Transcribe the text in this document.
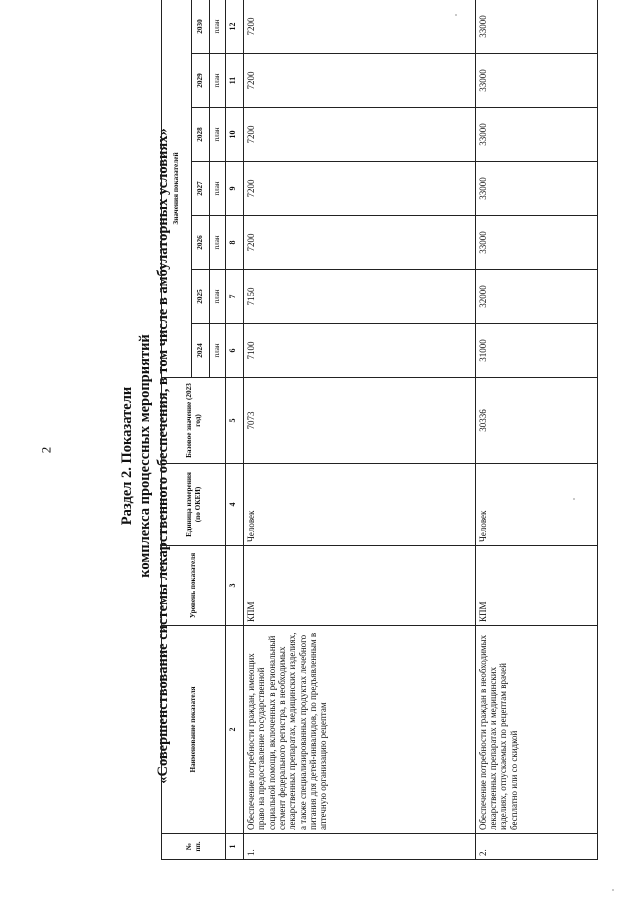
2	Раздел 2. Показатели комплекса процессных мероприятий «Совершенствование системы лекарственного обеспечения, в том числе в амбулаторных условиях»
№ пп.	Наименование показателя	Уровень показателя	Единица измерения (по ОКЕИ)	Базовое значение (2023 год)	Значения показателей	
					2024	2025	2026	2027	2028	2029	2030	
					план	план	план	план	план	план	план	
1	2	3	4	5	6	7	8	9	10	11	12	
1.	Обеспечение потребности граждан, имеющих право на предоставление государственной социальной помощи, включенных в региональный сегмент федерального регистра, в необходимых лекарственных препаратах, медицинских изделиях, а также специализированных продуктах лечебного питания для детей-инвалидов, по предъявленным в аптечную организацию рецептам	КПМ	Человек	7073	7100	7150	7200	7200	7200	7200	7200	
2.	Обеспечение потребности граждан в необходимых лекарственных препаратах и медицинских изделиях, отпускаемых по рецептам врачей бесплатно или со скидкой	КПМ	Человек	30336	31000	32000	33000	33000	33000	33000	33000	
